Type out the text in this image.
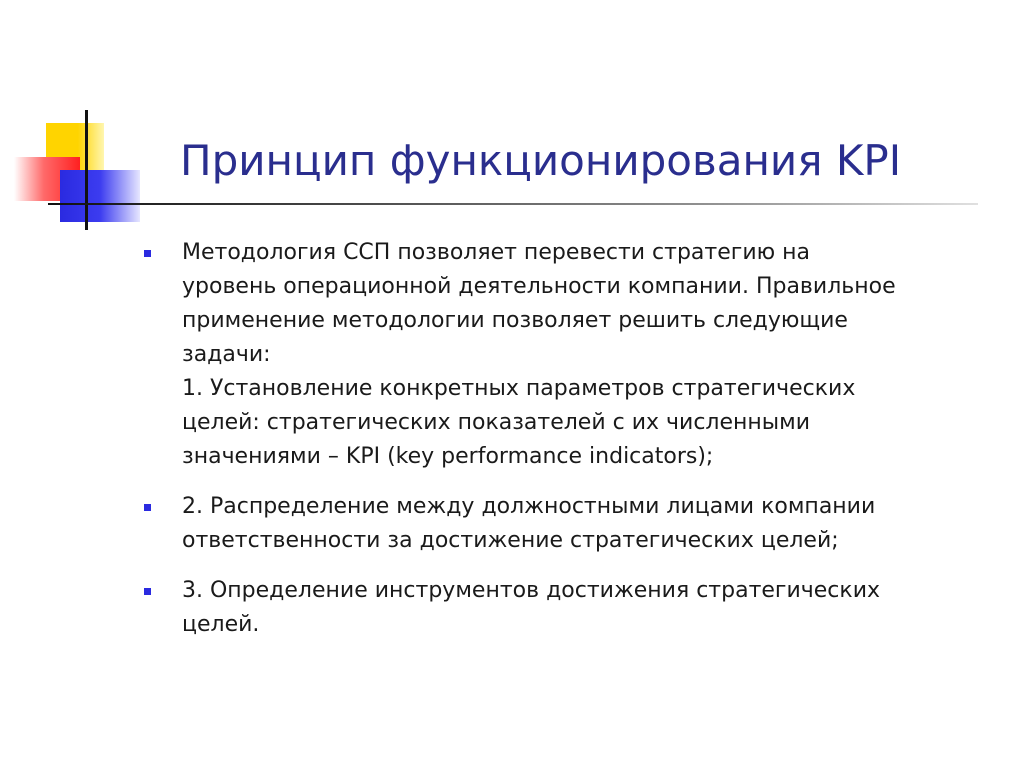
Принцип функционирования KPI
Методология ССП позволяет перевести стратегию на
уровень операционной деятельности компании. Правильное
применение методологии позволяет решить следующие
задачи:
1. Установление конкретных параметров стратегических
целей: стратегических показателей с их численными
значениями – KPI (key performance indicators);
2. Распределение между должностными лицами компании
ответственности за достижение стратегических целей;
3. Определение инструментов достижения стратегических
целей.
